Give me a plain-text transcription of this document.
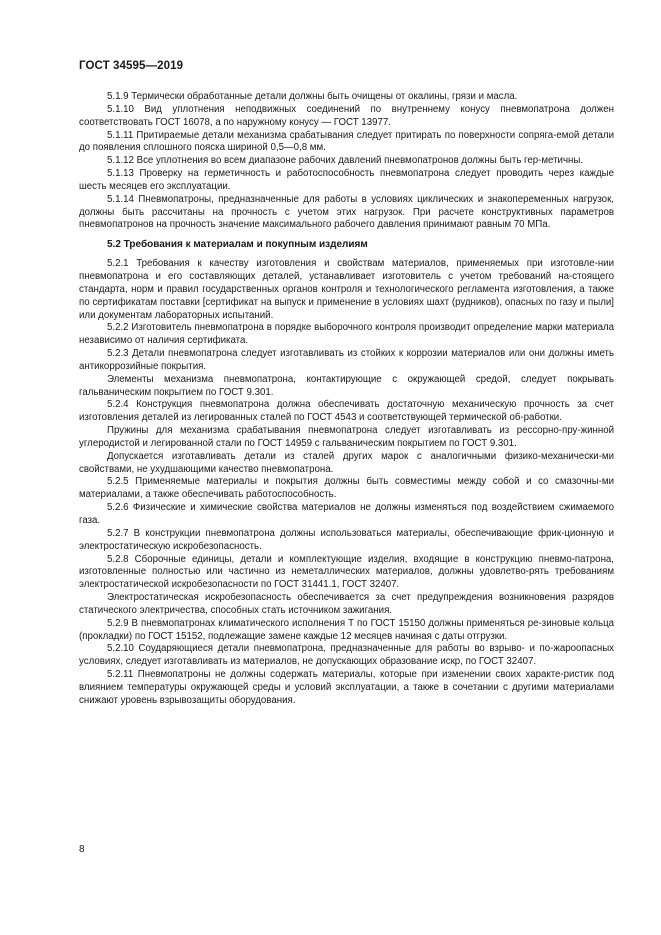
ГОСТ 34595—2019

5.1.9 Термически обработанные детали должны быть очищены от окалины, грязи и масла.

5.1.10 Вид уплотнения неподвижных соединений по внутреннему конусу пневмопатрона должен соответствовать ГОСТ 16078, а по наружному конусу — ГОСТ 13977.

5.1.11 Притираемые детали механизма срабатывания следует притирать по поверхности сопряга-емой детали до появления сплошного пояска шириной 0,5—0,8 мм.

5.1.12 Все уплотнения во всем диапазоне рабочих давлений пневмопатронов должны быть гер-метичны.

5.1.13 Проверку на герметичность и работоспособность пневмопатрона следует проводить через каждые шесть месяцев его эксплуатации.

5.1.14 Пневмопатроны, предназначенные для работы в условиях циклических и знакопеременных нагрузок, должны быть рассчитаны на прочность с учетом этих нагрузок. При расчете конструктивных параметров пневмопатронов на прочность значение максимального рабочего давления принимают равным 70 МПа.

5.2 Требования к материалам и покупным изделиям

5.2.1 Требования к качеству изготовления и свойствам материалов, применяемых при изготовле-нии пневмопатрона и его составляющих деталей, устанавливает изготовитель с учетом требований на-стоящего стандарта, норм и правил государственных органов контроля и технологического регламента изготовления, а также по сертификатам поставки [сертификат на выпуск и применение в условиях шахт (рудников), опасных по газу и пыли] или документам лабораторных испытаний.

5.2.2 Изготовитель пневмопатрона в порядке выборочного контроля производит определение марки материала независимо от наличия сертификата.

5.2.3 Детали пневмопатрона следует изготавливать из стойких к коррозии материалов или они должны иметь антикоррозийные покрытия.

Элементы механизма пневмопатрона, контактирующие с окружающей средой, следует покрывать гальваническим покрытием по ГОСТ 9.301.

5.2.4 Конструкция пневмопатрона должна обеспечивать достаточную механическую прочность за счет изготовления деталей из легированных сталей по ГОСТ 4543 и соответствующей термической об-работки.

Пружины для механизма срабатывания пневмопатрона следует изготавливать из рессорно-пру-жинной углеродистой и легированной стали по ГОСТ 14959 с гальваническим покрытием по ГОСТ 9.301.

Допускается изготавливать детали из сталей других марок с аналогичными физико-механически-ми свойствами, не ухудшающими качество пневмопатрона.

5.2.5 Применяемые материалы и покрытия должны быть совместимы между собой и со смазочны-ми материалами, а также обеспечивать работоспособность.

5.2.6 Физические и химические свойства материалов не должны изменяться под воздействием сжимаемого газа.

5.2.7 В конструкции пневмопатрона должны использоваться материалы, обеспечивающие фрик-ционную и электростатическую искробезопасность.

5.2.8 Сборочные единицы, детали и комплектующие изделия, входящие в конструкцию пневмо-патрона, изготовленные полностью или частично из неметаллических материалов, должны удовлетво-рять требованиям электростатической искробезопасности по ГОСТ 31441.1, ГОСТ 32407.

Электростатическая искробезопасность обеспечивается за счет предупреждения возникновения разрядов статического электричества, способных стать источником зажигания.

5.2.9 В пневмопатронах климатического исполнения Т по ГОСТ 15150 должны применяться ре-зиновые кольца (прокладки) по ГОСТ 15152, подлежащие замене каждые 12 месяцев начиная с даты отгрузки.

5.2.10 Соударяющиеся детали пневмопатрона, предназначенные для работы во взрыво- и по-жароопасных условиях, следует изготавливать из материалов, не допускающих образование искр, по ГОСТ 32407.

5.2.11 Пневмопатроны не должны содержать материалы, которые при изменении своих характе-ристик под влиянием температуры окружающей среды и условий эксплуатации, а также в сочетании с другими материалами снижают уровень взрывозащиты оборудования.

8
